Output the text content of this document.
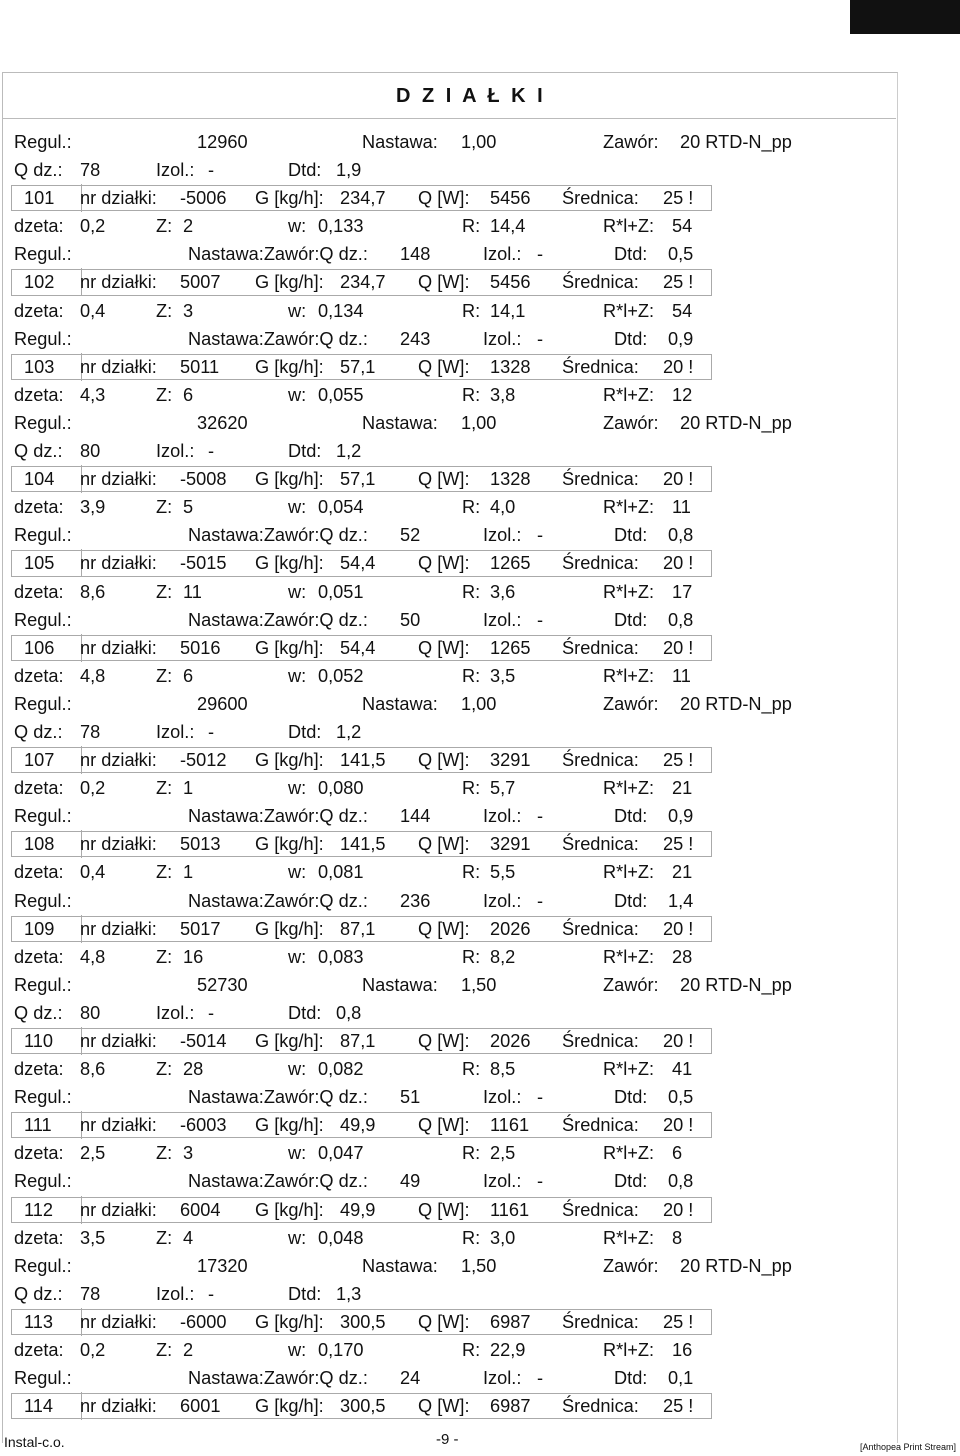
D Z I A Ł K I
Regul.:	12960	Nastawa: 1,00	Zawór: 20 RTD-N_pp
Q dz.: 78	Izol.: -	Dtd: 1,9
101 nr działki: -5006 G [kg/h]: 234,7 Q [W]: 5456 Średnica: 25 !
dzeta: 0,2	Z: 2	w: 0,133	R: 14,4	R*l+Z: 54
Regul.:	Nastawa:Zawór:Q dz.: 148	Izol.: -	Dtd: 0,5
102 nr działki: 5007 G [kg/h]: 234,7 Q [W]: 5456 Średnica: 25 !
dzeta: 0,4	Z: 3	w: 0,134	R: 14,1	R*l+Z: 54
Regul.:	Nastawa:Zawór:Q dz.: 243	Izol.: -	Dtd: 0,9
103 nr działki: 5011 G [kg/h]: 57,1 Q [W]: 1328 Średnica: 20 !
dzeta: 4,3	Z: 6	w: 0,055	R: 3,8	R*l+Z: 12
Regul.:	32620	Nastawa: 1,00	Zawór: 20 RTD-N_pp
Q dz.: 80	Izol.: -	Dtd: 1,2
104 nr działki: -5008 G [kg/h]: 57,1 Q [W]: 1328 Średnica: 20 !
dzeta: 3,9	Z: 5	w: 0,054	R: 4,0	R*l+Z: 11
Regul.:	Nastawa:Zawór:Q dz.: 52	Izol.: -	Dtd: 0,8
105 nr działki: -5015 G [kg/h]: 54,4 Q [W]: 1265 Średnica: 20 !
dzeta: 8,6	Z: 11	w: 0,051	R: 3,6	R*l+Z: 17
Regul.:	Nastawa:Zawór:Q dz.: 50	Izol.: -	Dtd: 0,8
106 nr działki: 5016 G [kg/h]: 54,4 Q [W]: 1265 Średnica: 20 !
dzeta: 4,8	Z: 6	w: 0,052	R: 3,5	R*l+Z: 11
Regul.:	29600	Nastawa: 1,00	Zawór: 20 RTD-N_pp
Q dz.: 78	Izol.: -	Dtd: 1,2
107 nr działki: -5012 G [kg/h]: 141,5 Q [W]: 3291 Średnica: 25 !
dzeta: 0,2	Z: 1	w: 0,080	R: 5,7	R*l+Z: 21
Regul.:	Nastawa:Zawór:Q dz.: 144	Izol.: -	Dtd: 0,9
108 nr działki: 5013 G [kg/h]: 141,5 Q [W]: 3291 Średnica: 25 !
dzeta: 0,4	Z: 1	w: 0,081	R: 5,5	R*l+Z: 21
Regul.:	Nastawa:Zawór:Q dz.: 236	Izol.: -	Dtd: 1,4
109 nr działki: 5017 G [kg/h]: 87,1 Q [W]: 2026 Średnica: 20 !
dzeta: 4,8	Z: 16	w: 0,083	R: 8,2	R*l+Z: 28
Regul.:	52730	Nastawa: 1,50	Zawór: 20 RTD-N_pp
Q dz.: 80	Izol.: -	Dtd: 0,8
110 nr działki: -5014 G [kg/h]: 87,1 Q [W]: 2026 Średnica: 20 !
dzeta: 8,6	Z: 28	w: 0,082	R: 8,5	R*l+Z: 41
Regul.:	Nastawa:Zawór:Q dz.: 51	Izol.: -	Dtd: 0,5
111 nr działki: -6003 G [kg/h]: 49,9 Q [W]: 1161 Średnica: 20 !
dzeta: 2,5	Z: 3	w: 0,047	R: 2,5	R*l+Z: 6
Regul.:	Nastawa:Zawór:Q dz.: 49	Izol.: -	Dtd: 0,8
112 nr działki: 6004 G [kg/h]: 49,9 Q [W]: 1161 Średnica: 20 !
dzeta: 3,5	Z: 4	w: 0,048	R: 3,0	R*l+Z: 8
Regul.:	17320	Nastawa: 1,50	Zawór: 20 RTD-N_pp
Q dz.: 78	Izol.: -	Dtd: 1,3
113 nr działki: -6000 G [kg/h]: 300,5 Q [W]: 6987 Średnica: 25 !
dzeta: 0,2	Z: 2	w: 0,170	R: 22,9	R*l+Z: 16
Regul.:	Nastawa:Zawór:Q dz.: 24	Izol.: -	Dtd: 0,1
114 nr działki: 6001 G [kg/h]: 300,5 Q [W]: 6987 Średnica: 25 !
Instal-c.o.	-9 -	[Anthopea Print Stream]
